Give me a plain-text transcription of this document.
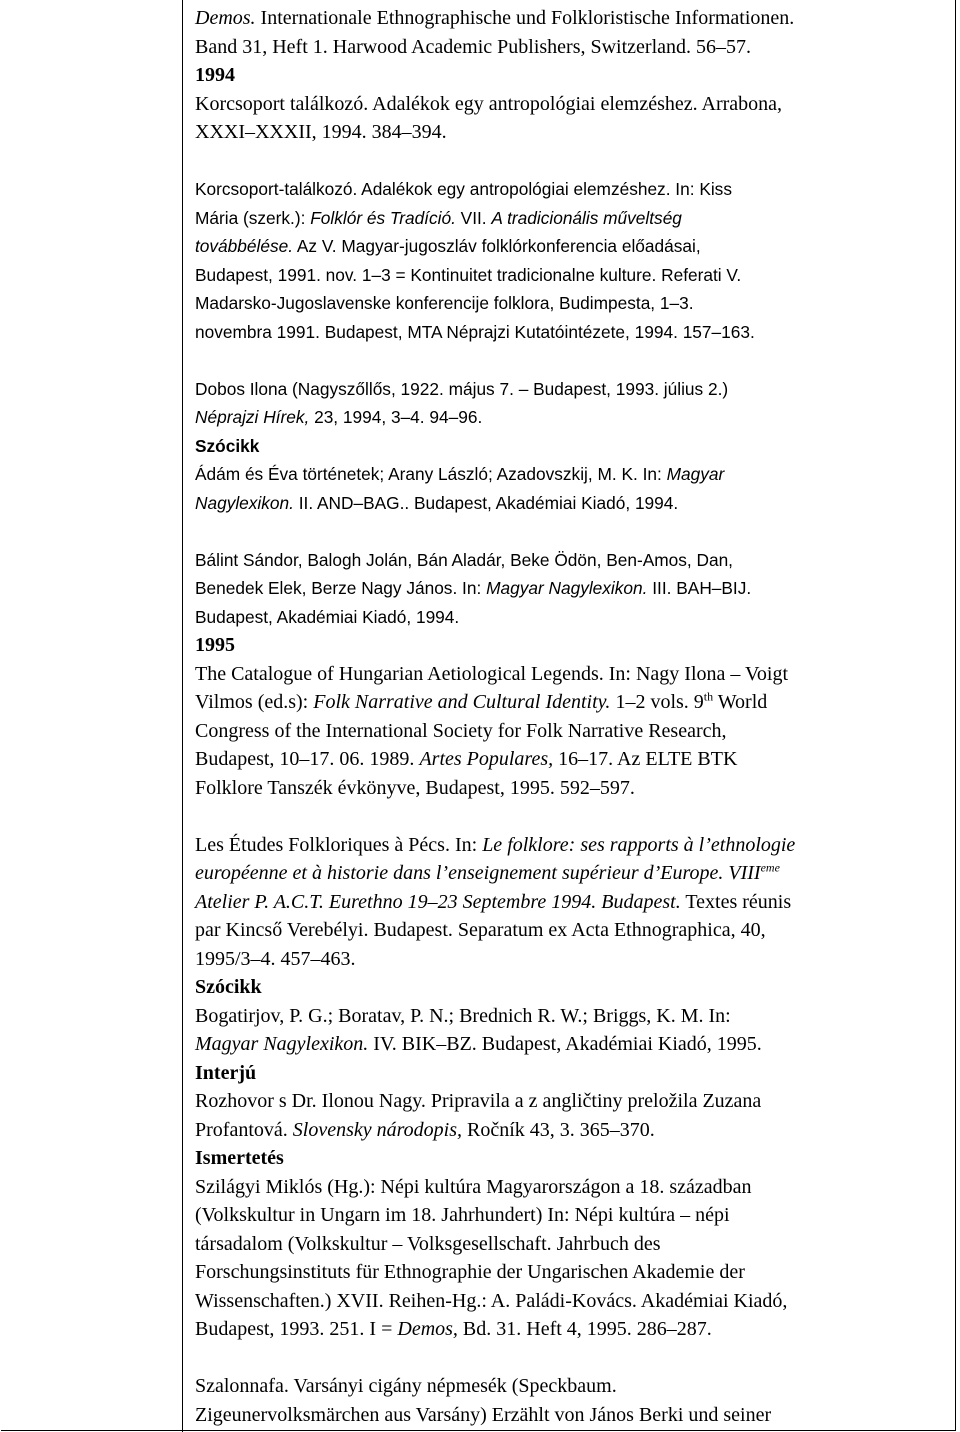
Demos. Internationale Ethnographische und Folkloristische Informationen.
Band 31, Heft 1. Harwood Academic Publishers, Switzerland. 56–57.
1994
Korcsoport találkozó. Adalékok egy antropológiai elemzéshez. Arrabona,
XXXI–XXXII, 1994. 384–394.
Korcsoport-találkozó. Adalékok egy antropológiai elemzéshez. In: Kiss
Mária (szerk.): Folklór és Tradíció. VII. A tradicionális műveltség
továbbélése. Az V. Magyar-jugoszláv folklórkonferencia előadásai,
Budapest, 1991. nov. 1–3 = Kontinuitet tradicionalne kulture. Referati V.
Madarsko-Jugoslavenske konferencije folklora, Budimpesta, 1–3.
novembra 1991. Budapest, MTA Néprajzi Kutatóintézete, 1994. 157–163.
Dobos Ilona (Nagyszőllős, 1922. május 7. – Budapest, 1993. július 2.)
Néprajzi Hírek, 23, 1994, 3–4. 94–96.
Szócikk
Ádám és Éva történetek; Arany László; Azadovszkij, M. K. In: Magyar
Nagylexikon. II. AND–BAG.. Budapest, Akadémiai Kiadó, 1994.
Bálint Sándor, Balogh Jolán, Bán Aladár, Beke Ödön, Ben-Amos, Dan,
Benedek Elek, Berze Nagy János. In: Magyar Nagylexikon. III. BAH–BIJ.
Budapest, Akadémiai Kiadó, 1994.
1995
The Catalogue of Hungarian Aetiological Legends. In: Nagy Ilona – Voigt
Vilmos (ed.s): Folk Narrative and Cultural Identity. 1–2 vols. 9th World
Congress of the International Society for Folk Narrative Research,
Budapest, 10–17. 06. 1989. Artes Populares, 16–17. Az ELTE BTK
Folklore Tanszék évkönyve, Budapest, 1995. 592–597.
Les Études Folkloriques à Pécs. In: Le folklore: ses rapports à l’ethnologie
européenne et à historie dans l’enseignement supérieur d’Europe. VIIIeme
Atelier P. A.C.T. Eurethno 19–23 Septembre 1994. Budapest. Textes réunis
par Kincső Verebélyi. Budapest. Separatum ex Acta Ethnographica, 40,
1995/3–4. 457–463.
Szócikk
Bogatirjov, P. G.; Boratav, P. N.; Brednich R. W.; Briggs, K. M. In:
Magyar Nagylexikon. IV. BIK–BZ. Budapest, Akadémiai Kiadó, 1995.
Interjú
Rozhovor s Dr. Ilonou Nagy. Pripravila a z angličtiny preložila Zuzana
Profantová. Slovensky národopis, Ročník 43, 3. 365–370.
Ismertetés
Szilágyi Miklós (Hg.): Népi kultúra Magyarországon a 18. században
(Volkskultur in Ungarn im 18. Jahrhundert) In: Népi kultúra – népi
társadalom (Volkskultur – Volksgesellschaft. Jahrbuch des
Forschungsinstituts für Ethnographie der Ungarischen Akademie der
Wissenschaften.) XVII. Reihen-Hg.: A. Paládi-Kovács. Akadémiai Kiadó,
Budapest, 1993. 251. I = Demos, Bd. 31. Heft 4, 1995. 286–287.
Szalonnafa. Varsányi cigány népmesék (Speckbaum.
Zigeunervolksmärchen aus Varsány) Erzählt von János Berki und seiner
